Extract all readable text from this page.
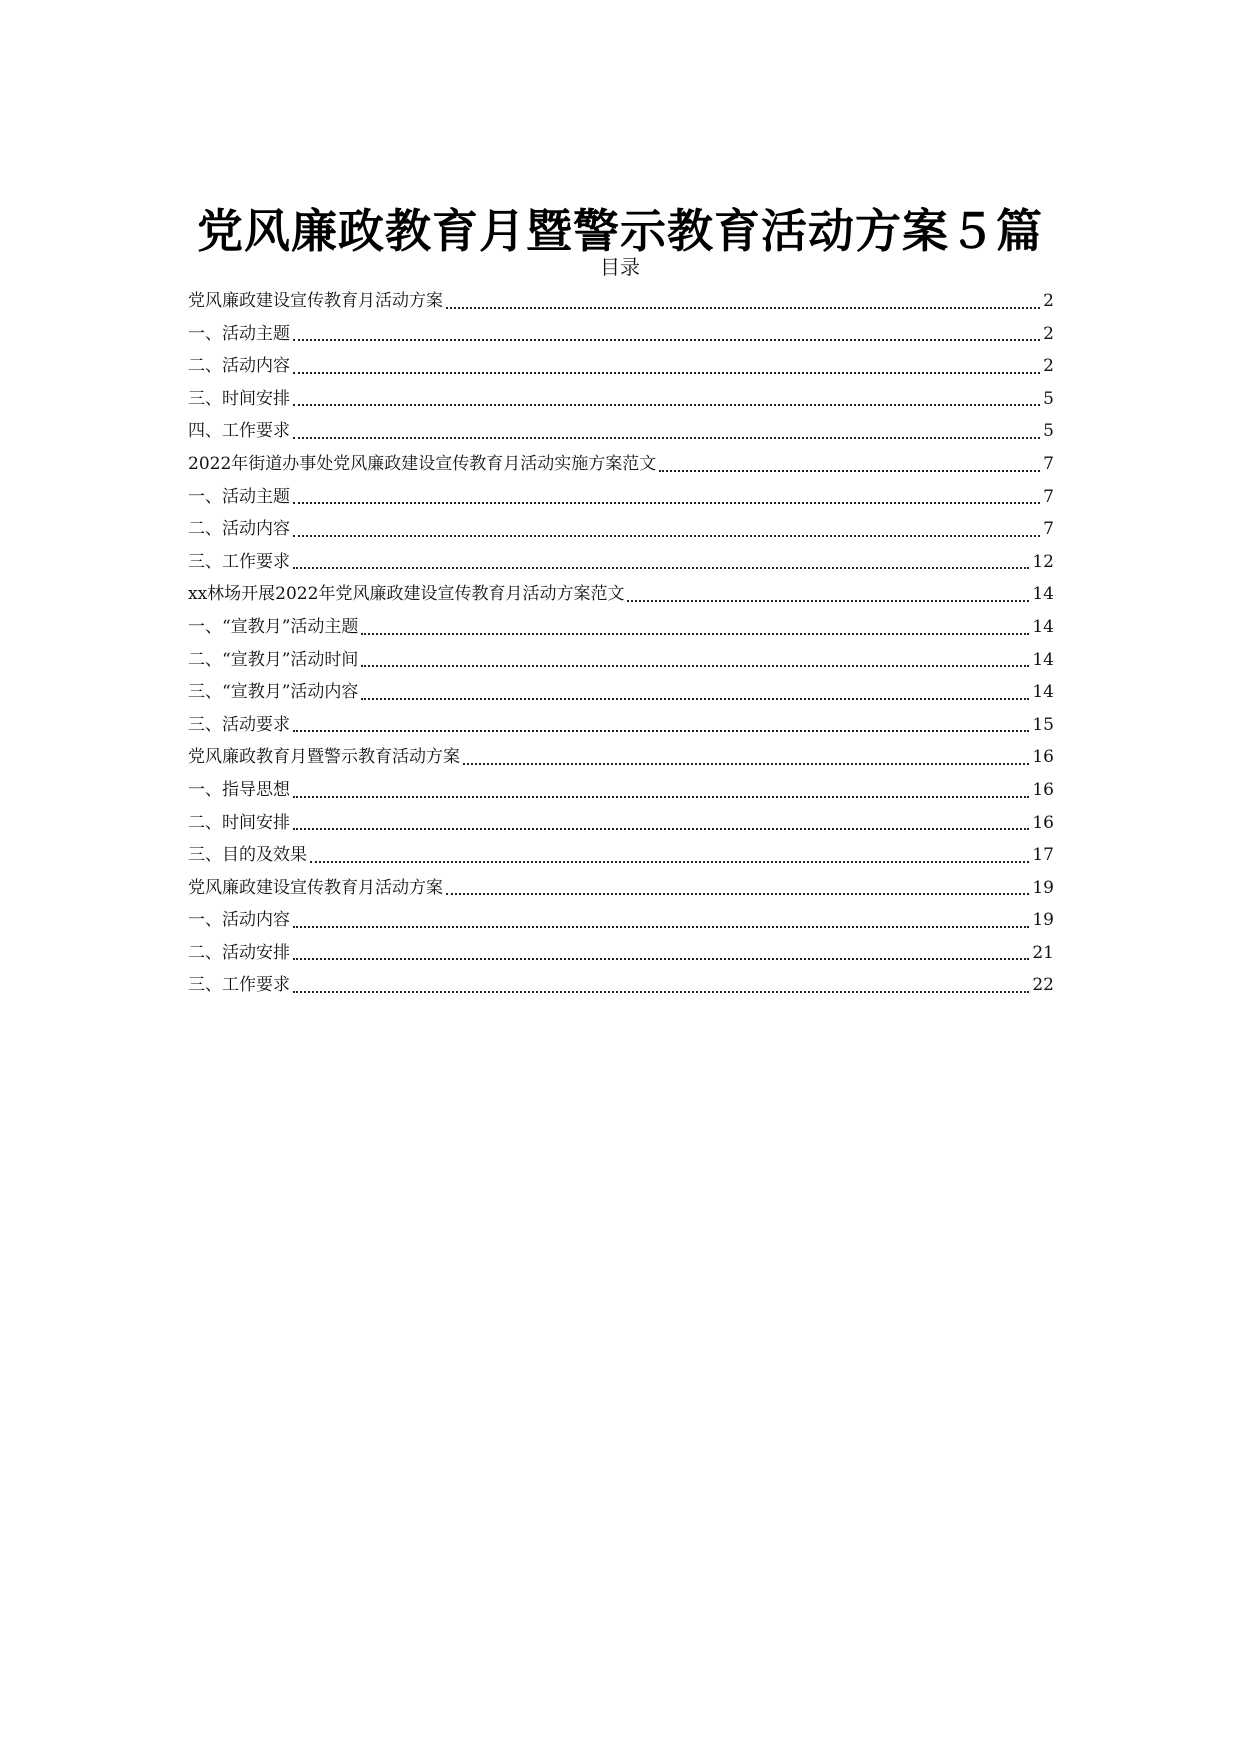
党风廉政教育月暨警示教育活动方案５篇
目录
党风廉政建设宣传教育月活动方案	2
一、活动主题	2
二、活动内容	2
三、时间安排	5
四、工作要求	5
2022年街道办事处党风廉政建设宣传教育月活动实施方案范文	7
一、活动主题	7
二、活动内容	7
三、工作要求	12
xx林场开展2022年党风廉政建设宣传教育月活动方案范文	14
一、“宣教月”活动主题	14
二、“宣教月”活动时间	14
三、“宣教月”活动内容	14
三、活动要求	15
党风廉政教育月暨警示教育活动方案	16
一、指导思想	16
二、时间安排	16
三、目的及效果	17
党风廉政建设宣传教育月活动方案	19
一、活动内容	19
二、活动安排	21
三、工作要求	22
